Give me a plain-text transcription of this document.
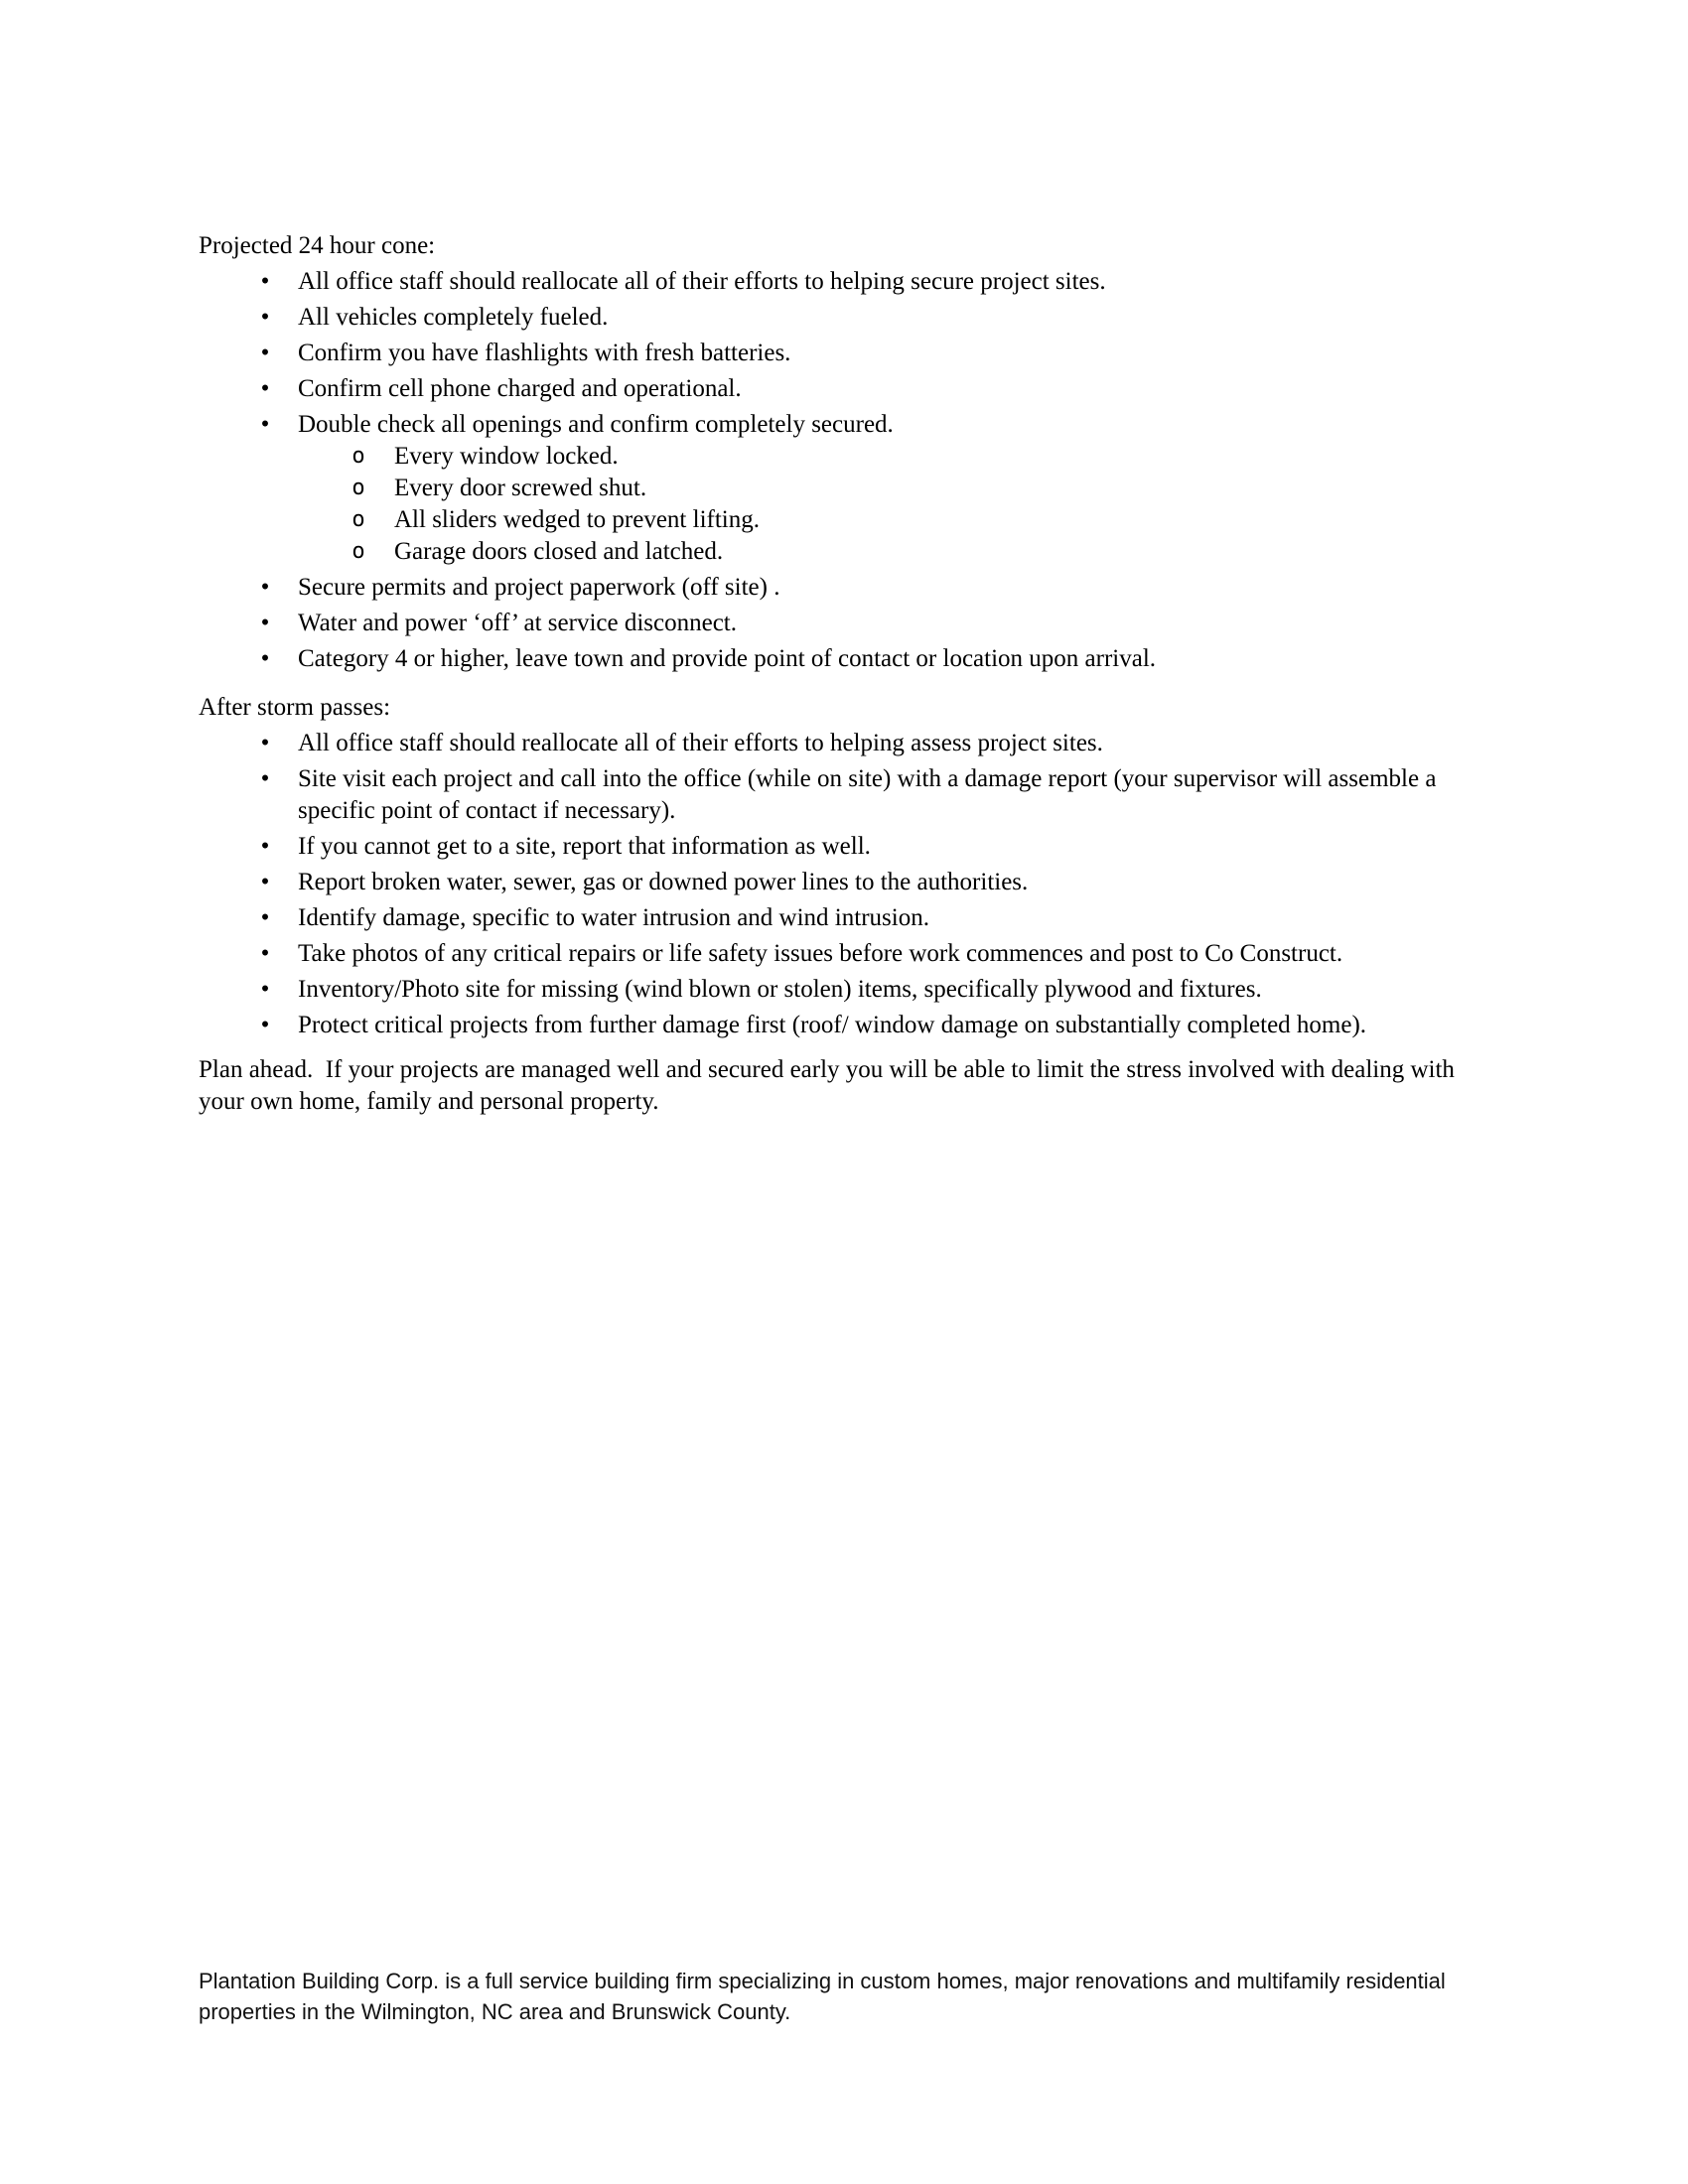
Projected 24 hour cone:

• All office staff should reallocate all of their efforts to helping secure project sites.
• All vehicles completely fueled.
• Confirm you have flashlights with fresh batteries.
• Confirm cell phone charged and operational.
• Double check all openings and confirm completely secured.
o Every window locked.
o Every door screwed shut.
o All sliders wedged to prevent lifting.
o Garage doors closed and latched.
• Secure permits and project paperwork (off site) .
• Water and power ‘off’ at service disconnect.
• Category 4 or higher, leave town and provide point of contact or location upon arrival.

After storm passes:

• All office staff should reallocate all of their efforts to helping assess project sites.
• Site visit each project and call into the office (while on site) with a damage report (your supervisor will assemble a specific point of contact if necessary).
• If you cannot get to a site, report that information as well.
• Report broken water, sewer, gas or downed power lines to the authorities.
• Identify damage, specific to water intrusion and wind intrusion.
• Take photos of any critical repairs or life safety issues before work commences and post to Co Construct.
• Inventory/Photo site for missing (wind blown or stolen) items, specifically plywood and fixtures.
• Protect critical projects from further damage first (roof/ window damage on substantially completed home).

Plan ahead.  If your projects are managed well and secured early you will be able to limit the stress involved with dealing with your own home, family and personal property.

Plantation Building Corp. is a full service building firm specializing in custom homes, major renovations and multifamily residential
properties in the Wilmington, NC area and Brunswick County.
